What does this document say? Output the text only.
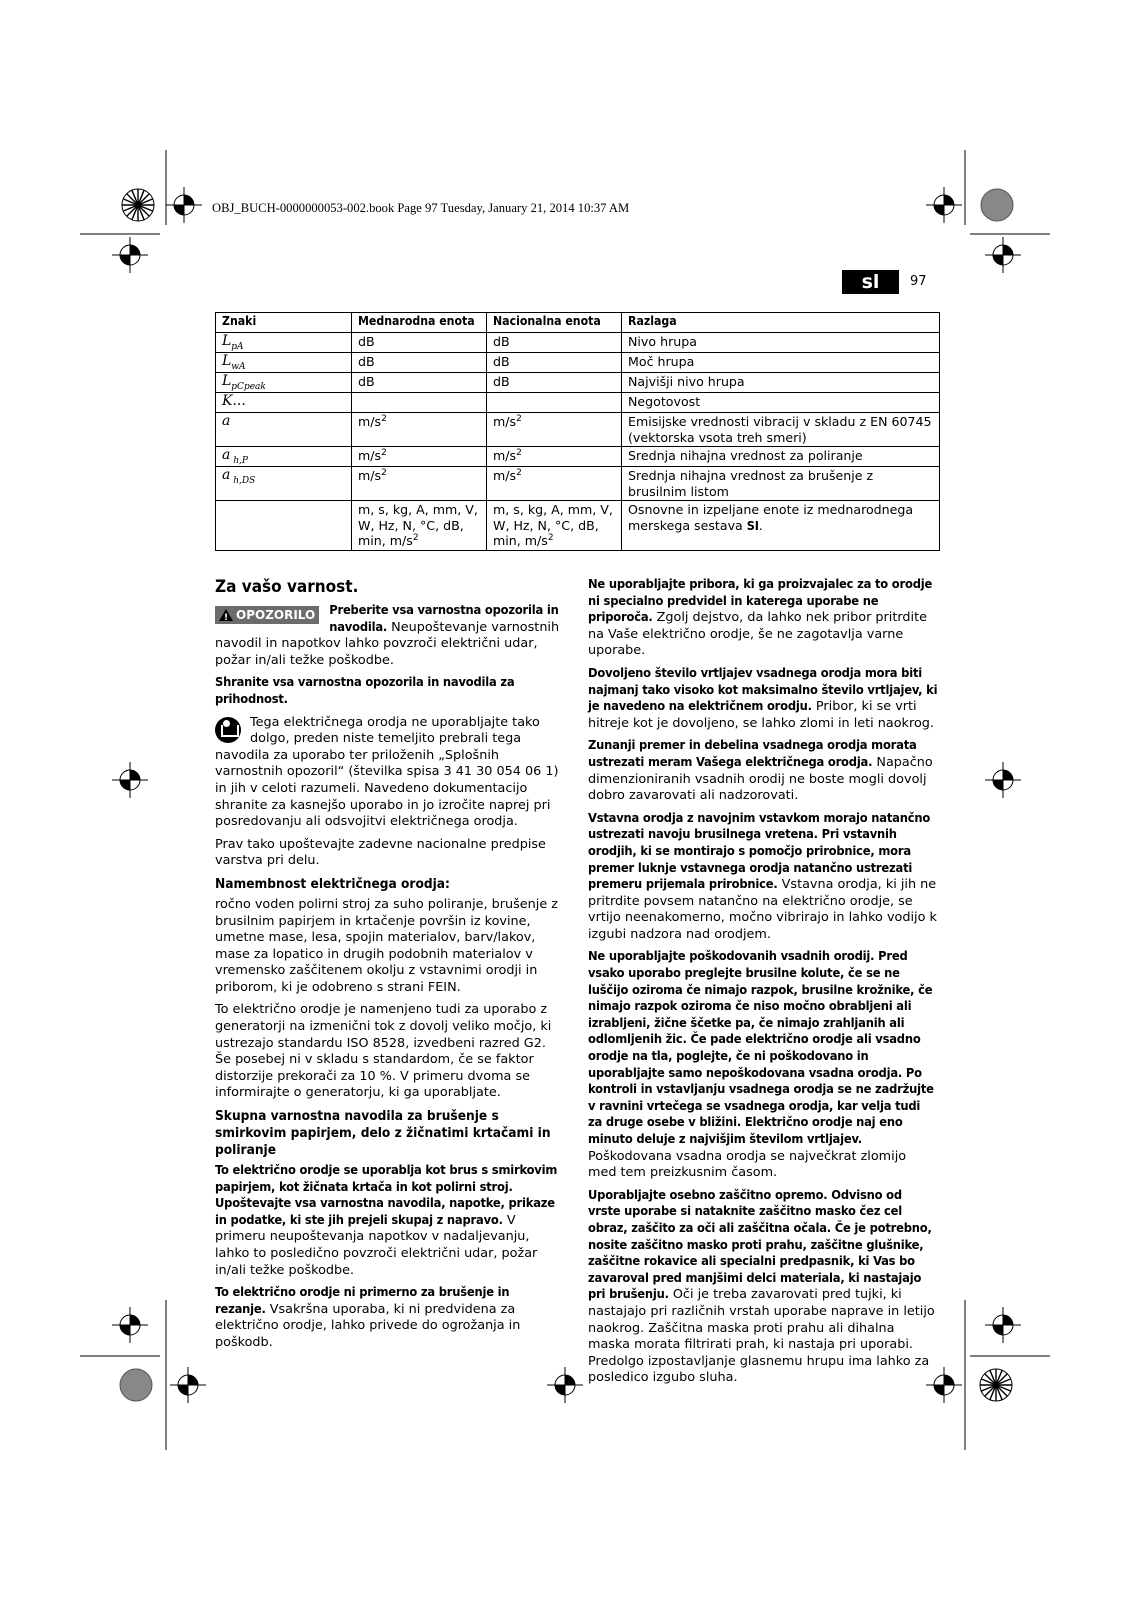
OBJ_BUCH-0000000053-002.book Page 97 Tuesday, January 21, 2014 10:37 AM
sl	97
Znaki	Mednarodna enota	Nacionalna enota	Razlaga
$L_{pA}$	dB	dB	Nivo hrupa
$L_{wA}$	dB	dB	Moč hrupa
$L_{pCpeak}$	dB	dB	Najvišji nivo hrupa
K...			Negotovost
a	$m/s^2$	$m/s^2$	Emisijske vrednosti vibracij v skladu z EN 60745 (vektorska vsota treh smeri)
a $_{h,P}$	$m/s^2$	$m/s^2$	Srednja nihajna vrednost za poliranje
a $_{h,DS}$	$m/s^2$	$m/s^2$	Srednja nihajna vrednost za brušenje z brusilnim listom
	m, s, kg, A, mm, V, W, Hz, N, °C, dB, min, $m/s^2$	m, s, kg, A, mm, V, W, Hz, N, °C, dB, min, $m/s^2$	Osnovne in izpeljane enote iz mednarodnega merskega sestava SI.
Za vašo varnost.

!
OPOZORILO Preberite vsa varnostna opozorila in navodila. Neupoštevanje varnostnih navodil in napotkov lahko povzroči električni udar, požar in/ali težke poškodbe.

Shranite vsa varnostna opozorila in navodila za prihodnost.

Tega električnega orodja ne uporabljajte tako dolgo, preden niste temeljito prebrali tega navodila za uporabo ter priloženih „Splošnih varnostnih opozoril“ (številka spisa 3 41 30 054 06 1) in jih v celoti razumeli. Navedeno dokumentacijo shranite za kasnejšo uporabo in jo izročite naprej pri posredovanju ali odsvojitvi električnega orodja.

Prav tako upoštevajte zadevne nacionalne predpise varstva pri delu.

Namembnost električnega orodja:

ročno voden polirni stroj za suho poliranje, brušenje z brusilnim papirjem in krtačenje površin iz kovine, umetne mase, lesa, spojin materialov, barv/lakov, mase za lopatico in drugih podobnih materialov v vremensko zaščitenem okolju z vstavnimi orodji in priborom, ki je odobreno s strani FEIN.

To električno orodje je namenjeno tudi za uporabo z generatorji na izmenični tok z dovolj veliko močjo, ki ustrezajo standardu ISO 8528, izvedbeni razred G2. Še posebej ni v skladu s standardom, če se faktor distorzije prekorači za 10 %. V primeru dvoma se informirajte o generatorju, ki ga uporabljate.

Skupna varnostna navodila za brušenje s smirkovim papirjem, delo z žičnatimi krtačami in poliranje

To električno orodje se uporablja kot brus s smirkovim papirjem, kot žičnata krtača in kot polirni stroj. Upoštevajte vsa varnostna navodila, napotke, prikaze in podatke, ki ste jih prejeli skupaj z napravo. V primeru neupoštevanja napotkov v nadaljevanju, lahko to posledično povzroči električni udar, požar in/ali težke poškodbe.

To električno orodje ni primerno za brušenje in rezanje. Vsakršna uporaba, ki ni predvidena za električno orodje, lahko privede do ogrožanja in poškodb.

Ne uporabljajte pribora, ki ga proizvajalec za to orodje ni specialno predvidel in katerega uporabe ne priporoča. Zgolj dejstvo, da lahko nek pribor pritrdite na Vaše električno orodje, še ne zagotavlja varne uporabe.

Dovoljeno število vrtljajev vsadnega orodja mora biti najmanj tako visoko kot maksimalno število vrtljajev, ki je navedeno na električnem orodju. Pribor, ki se vrti hitreje kot je dovoljeno, se lahko zlomi in leti naokrog.

Zunanji premer in debelina vsadnega orodja morata ustrezati meram Vašega električnega orodja. Napačno dimenzioniranih vsadnih orodij ne boste mogli dovolj dobro zavarovati ali nadzorovati.

Vstavna orodja z navojnim vstavkom morajo natančno ustrezati navoju brusilnega vretena. Pri vstavnih orodjih, ki se montirajo s pomočjo prirobnice, mora premer luknje vstavnega orodja natančno ustrezati premeru prijemala prirobnice. Vstavna orodja, ki jih ne pritrdite povsem natančno na električno orodje, se vrtijo neenakomerno, močno vibrirajo in lahko vodijo k izgubi nadzora nad orodjem.

Ne uporabljajte poškodovanih vsadnih orodij. Pred vsako uporabo preglejte brusilne kolute, če se ne luščijo oziroma če nimajo razpok, brusilne krožnike, če nimajo razpok oziroma če niso močno obrabljeni ali izrabljeni, žične ščetke pa, če nimajo zrahljanih ali odlomljenih žic. Če pade električno orodje ali vsadno orodje na tla, poglejte, če ni poškodovano in uporabljajte samo nepoškodovana vsadna orodja. Po kontroli in vstavljanju vsadnega orodja se ne zadržujte v ravnini vrtečega se vsadnega orodja, kar velja tudi za druge osebe v bližini. Električno orodje naj eno minuto deluje z najvišjim številom vrtljajev. Poškodovana vsadna orodja se največkrat zlomijo med tem preizkusnim časom.

Uporabljajte osebno zaščitno opremo. Odvisno od vrste uporabe si nataknite zaščitno masko čez cel obraz, zaščito za oči ali zaščitna očala. Če je potrebno, nosite zaščitno masko proti prahu, zaščitne glušnike, zaščitne rokavice ali specialni predpasnik, ki Vas bo zavaroval pred manjšimi delci materiala, ki nastajajo pri brušenju. Oči je treba zavarovati pred tujki, ki nastajajo pri različnih vrstah uporabe naprave in letijo naokrog. Zaščitna maska proti prahu ali dihalna maska morata filtrirati prah, ki nastaja pri uporabi. Predolgo izpostavljanje glasnemu hrupu ima lahko za posledico izgubo sluha.
